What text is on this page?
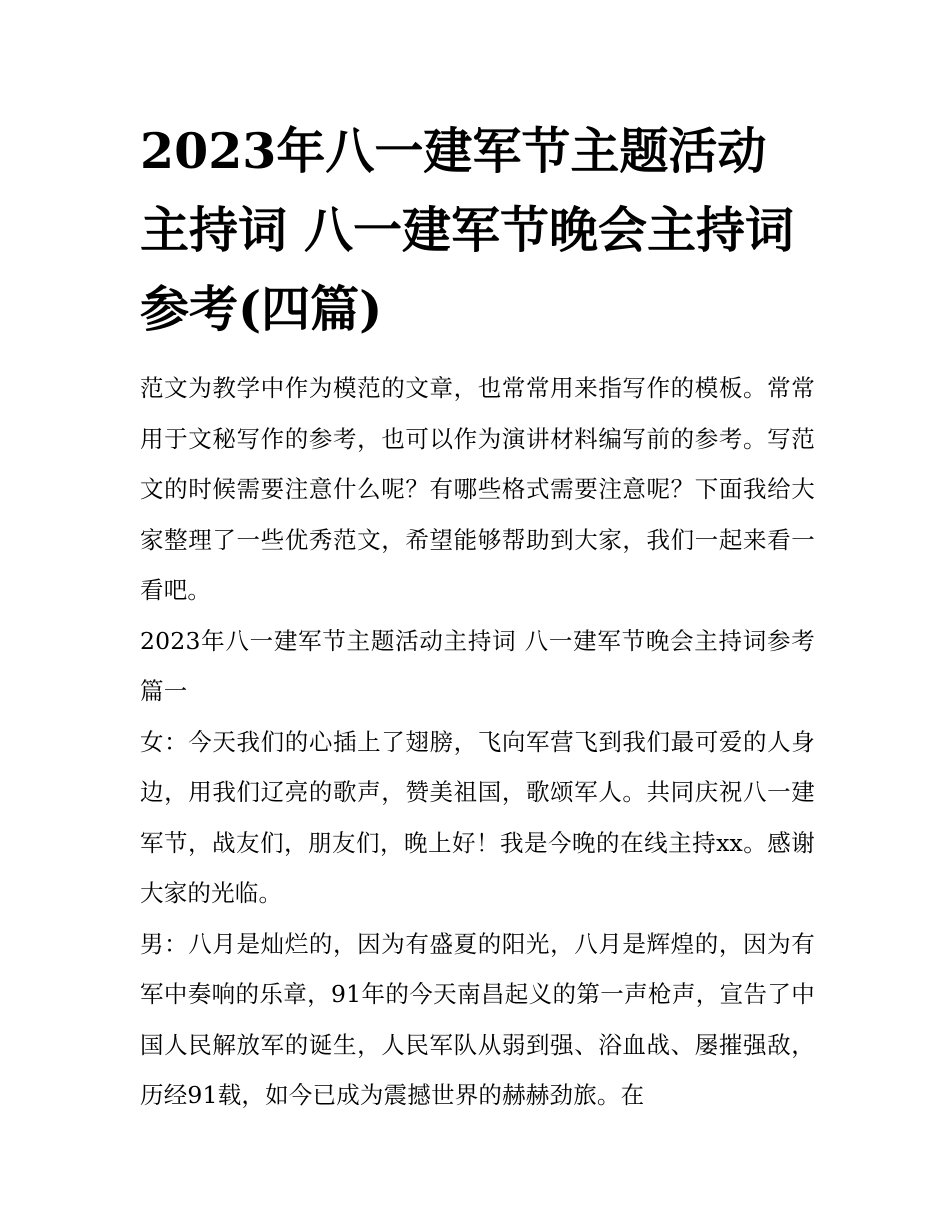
2023年八一建军节主题活动主持词 八一建军节晚会主持词参考(四篇)

范文为教学中作为模范的文章，也常常用来指写作的模板。常常用于文秘写作的参考，也可以作为演讲材料编写前的参考。写范文的时候需要注意什么呢？有哪些格式需要注意呢？下面我给大家整理了一些优秀范文，希望能够帮助到大家，我们一起来看一看吧。

2023年八一建军节主题活动主持词 八一建军节晚会主持词参考篇一

女：今天我们的心插上了翅膀，飞向军营飞到我们最可爱的人身边，用我们辽亮的歌声，赞美祖国，歌颂军人。共同庆祝八一建军节，战友们，朋友们，晚上好！我是今晚的在线主持xx。感谢大家的光临。

男：八月是灿烂的，因为有盛夏的阳光，八月是辉煌的，因为有军中奏响的乐章，91年的今天南昌起义的第一声枪声，宣告了中国人民解放军的诞生，人民军队从弱到强、浴血战、屡摧强敌，历经91载，如今已成为震撼世界的赫赫劲旅。在
